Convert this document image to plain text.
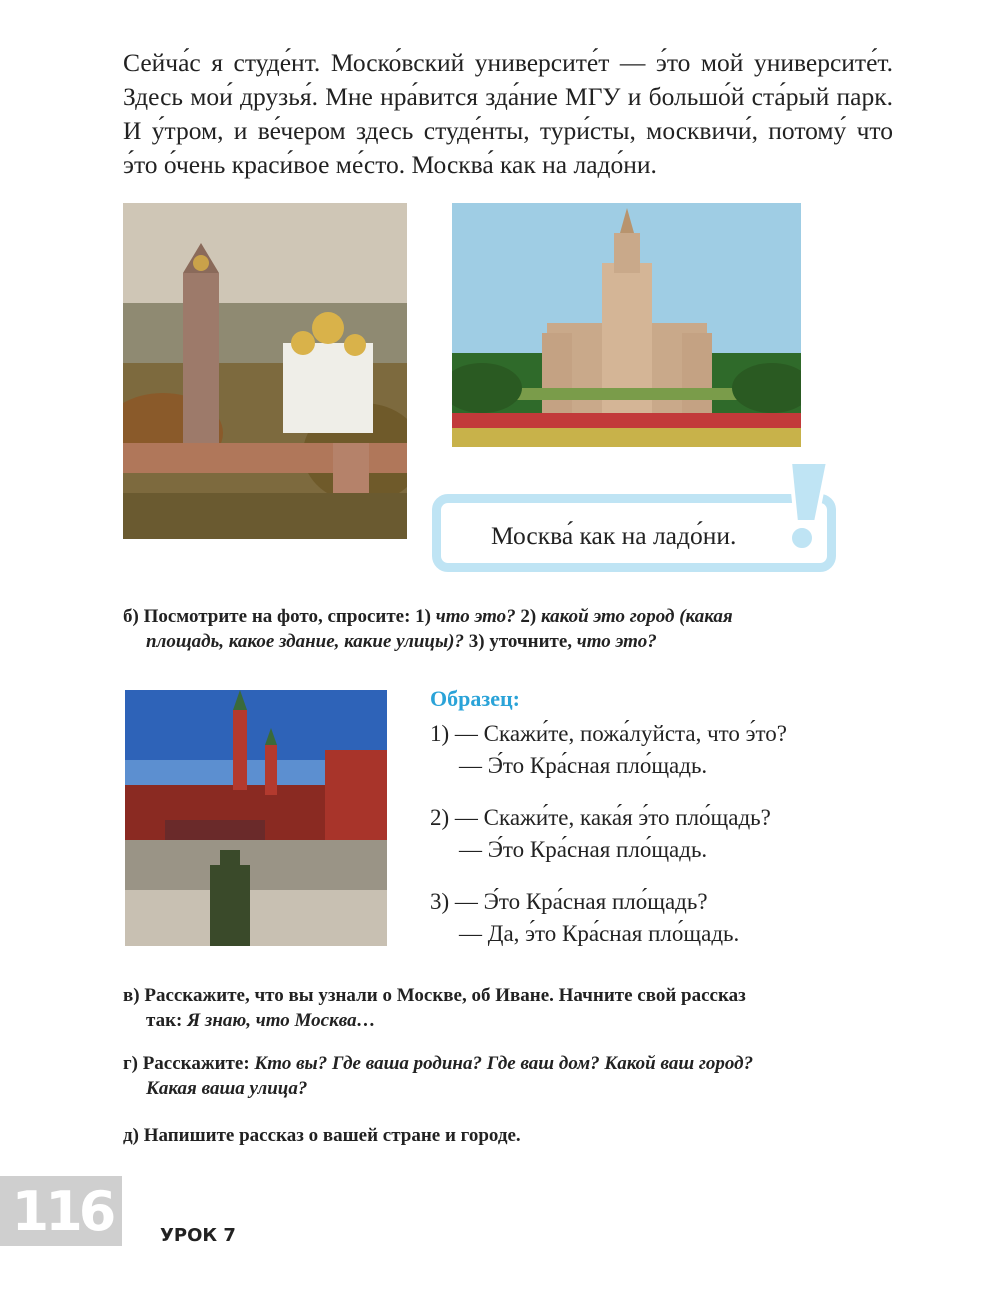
Сейча́с я студе́нт. Моско́вский университе́т — э́то мой университе́т. Здесь мои́ друзья́. Мне нра́вится зда́ние МГУ и большо́й ста́рый парк. И у́тром, и ве́чером здесь студе́нты, тури́сты, москвичи́, потому́ что э́то о́чень краси́вое ме́сто. Москва́ как на ладо́ни.
Москва́ как на ладо́ни.
б) Посмотрите на фото, спросите: 1) что это? 2) какой это город (какая
площадь, какое здание, какие улицы)? 3) уточните, что это?
Образец:
1) — Скажи́те, пожа́луйста, что э́то?
— Э́то Кра́сная пло́щадь.
2) — Скажи́те, кака́я э́то пло́щадь?
— Э́то Кра́сная пло́щадь.
3) — Э́то Кра́сная пло́щадь?
— Да, э́то Кра́сная пло́щадь.
в) Расскажите, что вы узнали о Москве, об Иване. Начните свой рассказ
так: Я знаю, что Москва…
г) Расскажите: Кто вы? Где ваша родина? Где ваш дом? Какой ваш город?
Какая ваша улица?
д) Напишите рассказ о вашей стране и городе.
116	УРОК 7
